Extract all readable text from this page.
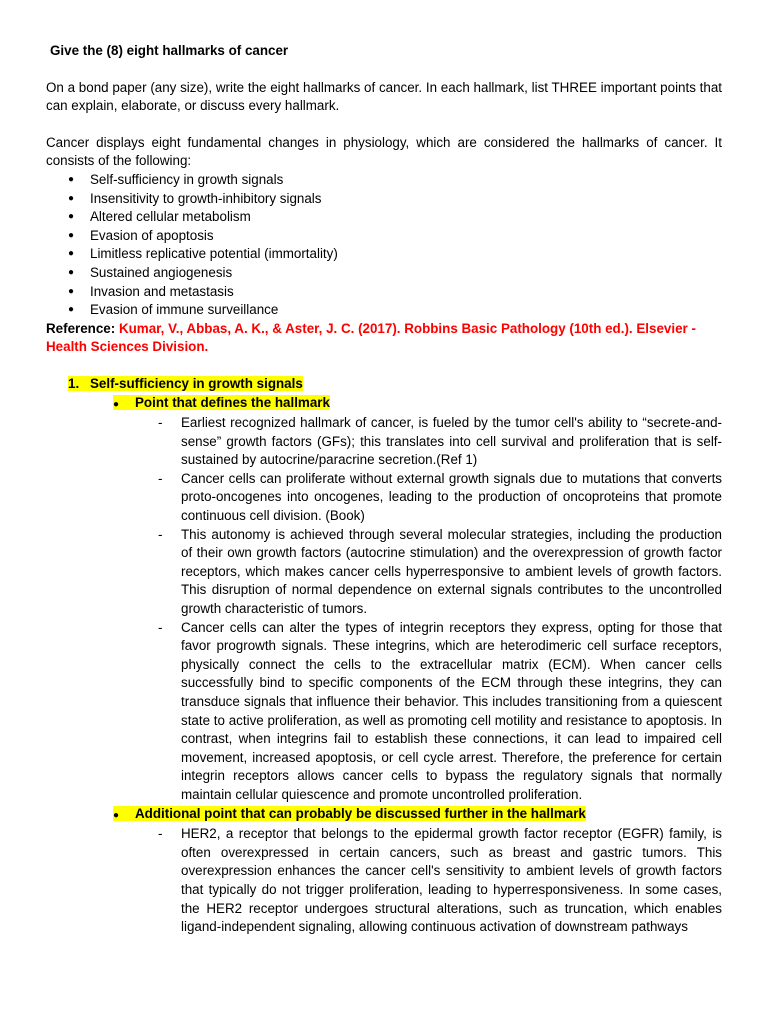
Give the (8) eight hallmarks of cancer

On a bond paper (any size), write the eight hallmarks of cancer. In each hallmark, list THREE important points that can explain, elaborate, or discuss every hallmark.

Cancer displays eight fundamental changes in physiology, which are considered the hallmarks of cancer. It consists of the following:

● Self-sufficiency in growth signals
● Insensitivity to growth-inhibitory signals
● Altered cellular metabolism
● Evasion of apoptosis
● Limitless replicative potential (immortality)
● Sustained angiogenesis
● Invasion and metastasis
● Evasion of immune surveillance

Reference: Kumar, V., Abbas, A. K., & Aster, J. C. (2017). Robbins Basic Pathology (10th ed.). Elsevier - Health Sciences Division.

1. Self-sufficiency in growth signals

● Point that defines the hallmark

- Earliest recognized hallmark of cancer, is fueled by the tumor cell's ability to “secrete-and-sense” growth factors (GFs); this translates into cell survival and proliferation that is self-sustained by autocrine/paracrine secretion.(Ref 1)
- Cancer cells can proliferate without external growth signals due to mutations that converts proto-oncogenes into oncogenes, leading to the production of oncoproteins that promote continuous cell division. (Book)
- This autonomy is achieved through several molecular strategies, including the production of their own growth factors (autocrine stimulation) and the overexpression of growth factor receptors, which makes cancer cells hyperresponsive to ambient levels of growth factors. This disruption of normal dependence on external signals contributes to the uncontrolled growth characteristic of tumors.
- Cancer cells can alter the types of integrin receptors they express, opting for those that favor progrowth signals. These integrins, which are heterodimeric cell surface receptors, physically connect the cells to the extracellular matrix (ECM). When cancer cells successfully bind to specific components of the ECM through these integrins, they can transduce signals that influence their behavior. This includes transitioning from a quiescent state to active proliferation, as well as promoting cell motility and resistance to apoptosis. In contrast, when integrins fail to establish these connections, it can lead to impaired cell movement, increased apoptosis, or cell cycle arrest. Therefore, the preference for certain integrin receptors allows cancer cells to bypass the regulatory signals that normally maintain cellular quiescence and promote uncontrolled proliferation.

● Additional point that can probably be discussed further in the hallmark

- HER2, a receptor that belongs to the epidermal growth factor receptor (EGFR) family, is often overexpressed in certain cancers, such as breast and gastric tumors. This overexpression enhances the cancer cell's sensitivity to ambient levels of growth factors that typically do not trigger proliferation, leading to hyperresponsiveness. In some cases, the HER2 receptor undergoes structural alterations, such as truncation, which enables ligand-independent signaling, allowing continuous activation of downstream pathways
